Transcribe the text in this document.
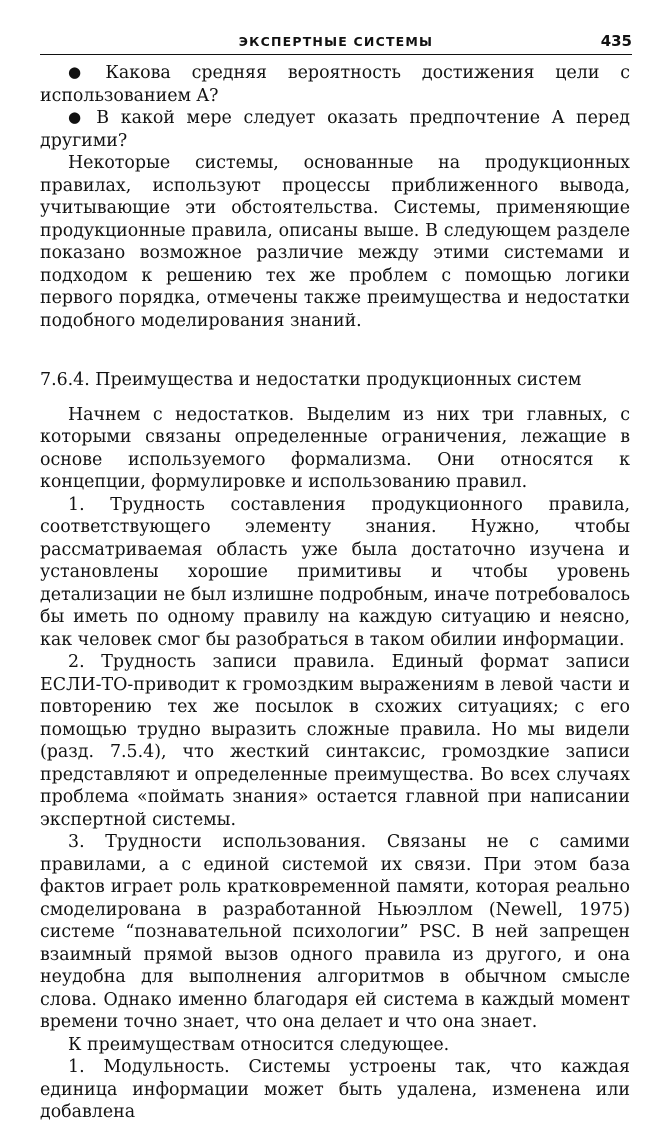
ЭКСПЕРТНЫЕ СИСТЕМЫ	435

● Какова средняя вероятность достижения цели с использованием A?

● В какой мере следует оказать предпочтение A перед другими?

Некоторые системы, основанные на продукционных правилах, используют процессы приближенного вывода, учитывающие эти обстоятельства. Системы, применяющие продукционные правила, описаны выше. В следующем разделе показано возможное различие между этими системами и подходом к решению тех же проблем с помощью логики первого порядка, отмечены также преимущества и недостатки подобного моделирования знаний.

7.6.4. Преимущества и недостатки продукционных систем

Начнем с недостатков. Выделим из них три главных, с которыми связаны определенные ограничения, лежащие в основе используемого формализма. Они относятся к концепции, формулировке и использованию правил.

1. Трудность составления продукционного правила, соответствующего элементу знания. Нужно, чтобы рассматриваемая область уже была достаточно изучена и установлены хорошие примитивы и чтобы уровень детализации не был излишне подробным, иначе потребовалось бы иметь по одному правилу на каждую ситуацию и неясно, как человек смог бы разобраться в таком обилии информации.

2. Трудность записи правила. Единый формат записи ЕСЛИ-ТО-приводит к громоздким выражениям в левой части и повторению тех же посылок в схожих ситуациях; с его помощью трудно выразить сложные правила. Но мы видели (разд. 7.5.4), что жесткий синтаксис, громоздкие записи представляют и определенные преимущества. Во всех случаях проблема «поймать знания» остается главной при написании экспертной системы.

3. Трудности использования. Связаны не с самими правилами, а с единой системой их связи. При этом база фактов играет роль кратковременной памяти, которая реально смоделирована в разработанной Ньюэллом (Newell, 1975) системе “познавательной психологии” PSC. В ней запрещен взаимный прямой вызов одного правила из другого, и она неудобна для выполнения алгоритмов в обычном смысле слова. Однако именно благодаря ей система в каждый момент времени точно знает, что она делает и что она знает.

К преимуществам относится следующее.

1. Модульность. Системы устроены так, что каждая единица информации может быть удалена, изменена или добавлена
